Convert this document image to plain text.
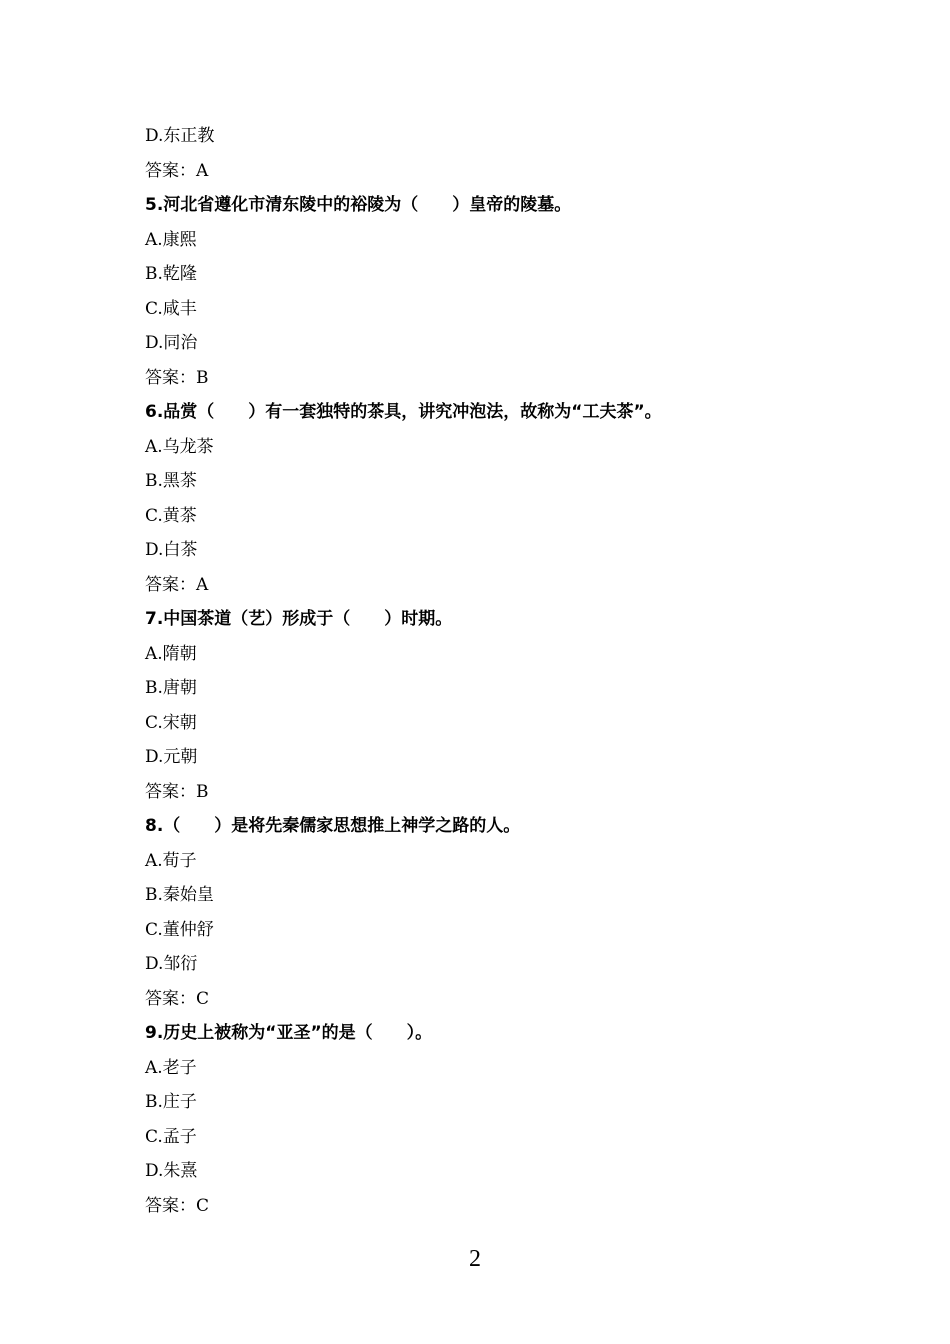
D.东正教
答案：A
5.河北省遵化市清东陵中的裕陵为（　　）皇帝的陵墓。
A.康熙
B.乾隆
C.咸丰
D.同治
答案：B
6.品赏（　　）有一套独特的茶具，讲究冲泡法，故称为“工夫茶”。
A.乌龙茶
B.黑茶
C.黄茶
D.白茶
答案：A
7.中国茶道（艺）形成于（　　）时期。
A.隋朝
B.唐朝
C.宋朝
D.元朝
答案：B
8.（　　）是将先秦儒家思想推上神学之路的人。
A.荀子
B.秦始皇
C.董仲舒
D.邹衍
答案：C
9.历史上被称为“亚圣”的是（　　）。
A.老子
B.庄子
C.孟子
D.朱熹
答案：C
2
